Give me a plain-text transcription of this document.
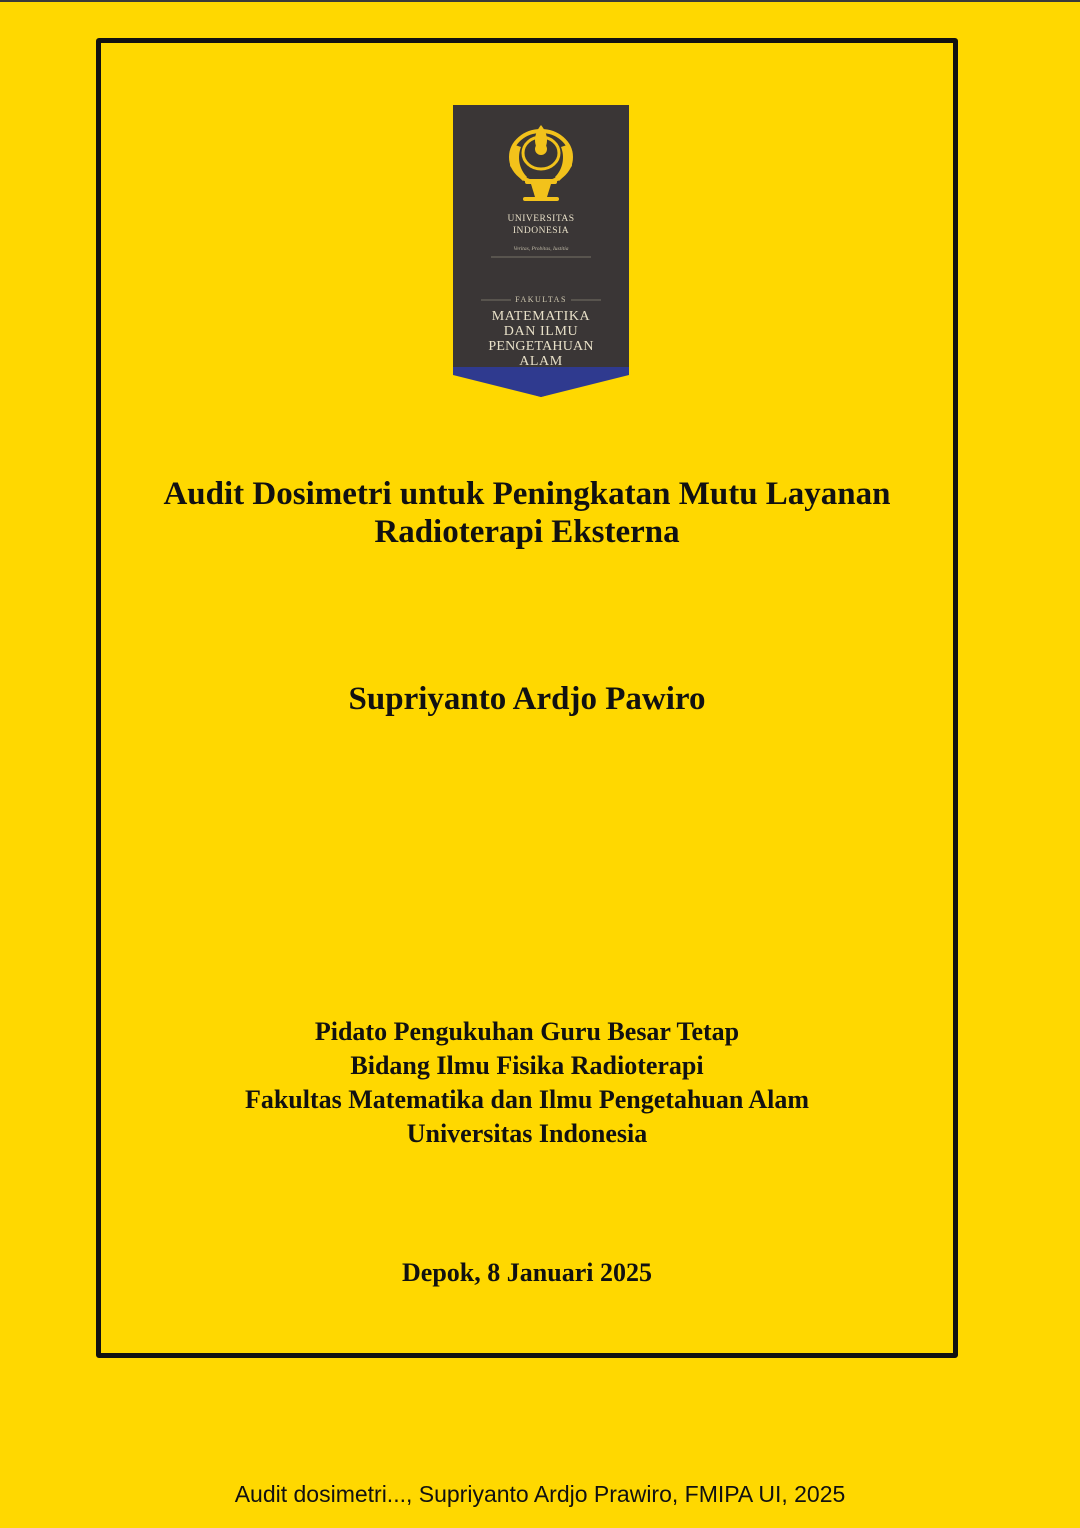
UNIVERSITAS

INDONESIA

Veritas, Probitas, Iustitia

FAKULTAS

MATEMATIKA

DAN ILMU

PENGETAHUAN

ALAM

Audit Dosimetri untuk Peningkatan Mutu Layanan
Radioterapi Eksterna
Supriyanto Ardjo Pawiro

Pidato Pengukuhan Guru Besar Tetap

Bidang Ilmu Fisika Radioterapi

Fakultas Matematika dan Ilmu Pengetahuan Alam

Universitas Indonesia

Depok, 8 Januari 2025

Audit dosimetri..., Supriyanto Ardjo Prawiro, FMIPA UI, 2025
